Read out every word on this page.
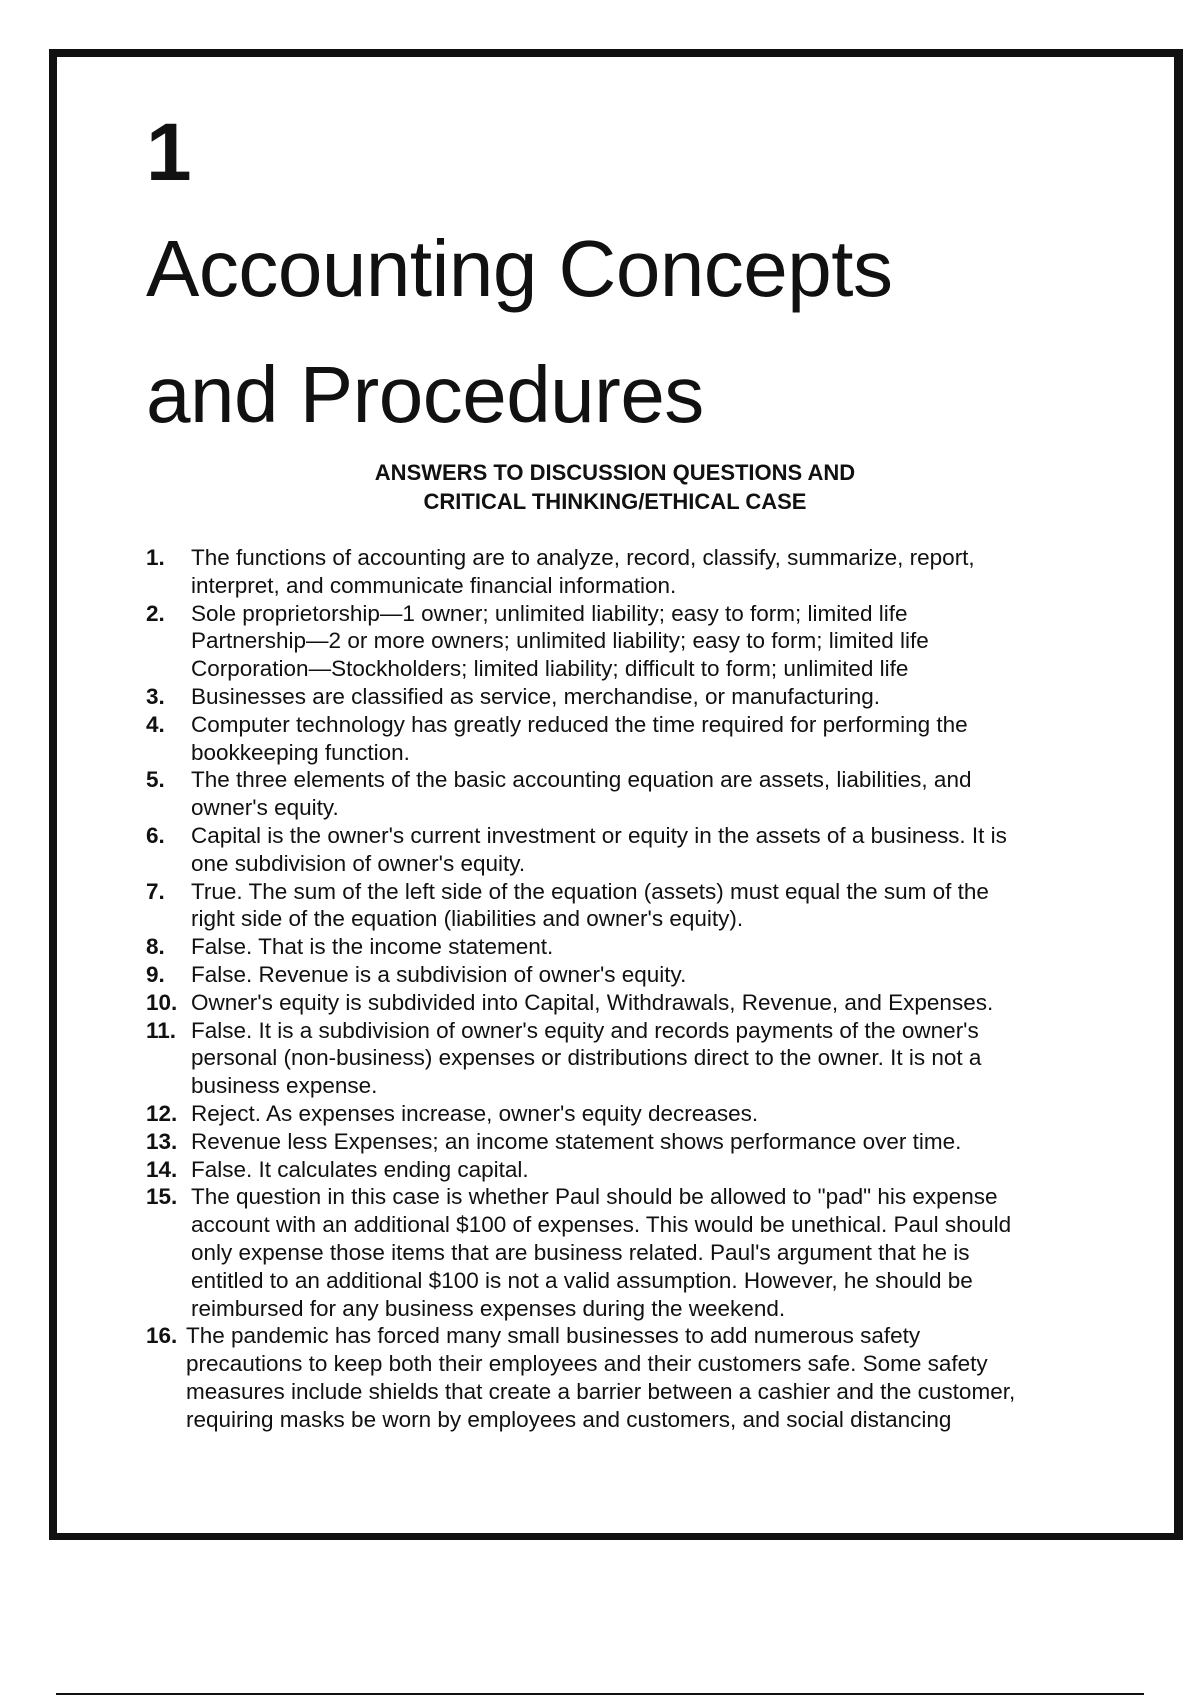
1
Accounting Concepts
and Procedures
ANSWERS TO DISCUSSION QUESTIONS AND
CRITICAL THINKING/ETHICAL CASE
1.	The functions of accounting are to analyze, record, classify, summarize, report,
interpret, and communicate financial information.
2.	Sole proprietorship—1 owner; unlimited liability; easy to form; limited life
Partnership—2 or more owners; unlimited liability; easy to form; limited life
Corporation—Stockholders; limited liability; difficult to form; unlimited life
3.	Businesses are classified as service, merchandise, or manufacturing.
4.	Computer technology has greatly reduced the time required for performing the
bookkeeping function.
5.	The three elements of the basic accounting equation are assets, liabilities, and
owner's equity.
6.	Capital is the owner's current investment or equity in the assets of a business. It is
one subdivision of owner's equity.
7.	True. The sum of the left side of the equation (assets) must equal the sum of the
right side of the equation (liabilities and owner's equity).
8.	False. That is the income statement.
9.	False. Revenue is a subdivision of owner's equity.
10. Owner's equity is subdivided into Capital, Withdrawals, Revenue, and Expenses.
11. False. It is a subdivision of owner's equity and records payments of the owner's
personal (non-business) expenses or distributions direct to the owner. It is not a
business expense.
12. Reject. As expenses increase, owner's equity decreases.
13. Revenue less Expenses; an income statement shows performance over time.
14. False. It calculates ending capital.
15. The question in this case is whether Paul should be allowed to "pad" his expense
account with an additional $100 of expenses. This would be unethical. Paul should
only expense those items that are business related. Paul's argument that he is
entitled to an additional $100 is not a valid assumption. However, he should be
reimbursed for any business expenses during the weekend.
16. The pandemic has forced many small businesses to add numerous safety
precautions to keep both their employees and their customers safe. Some safety
measures include shields that create a barrier between a cashier and the customer,
requiring masks be worn by employees and customers, and social distancing
